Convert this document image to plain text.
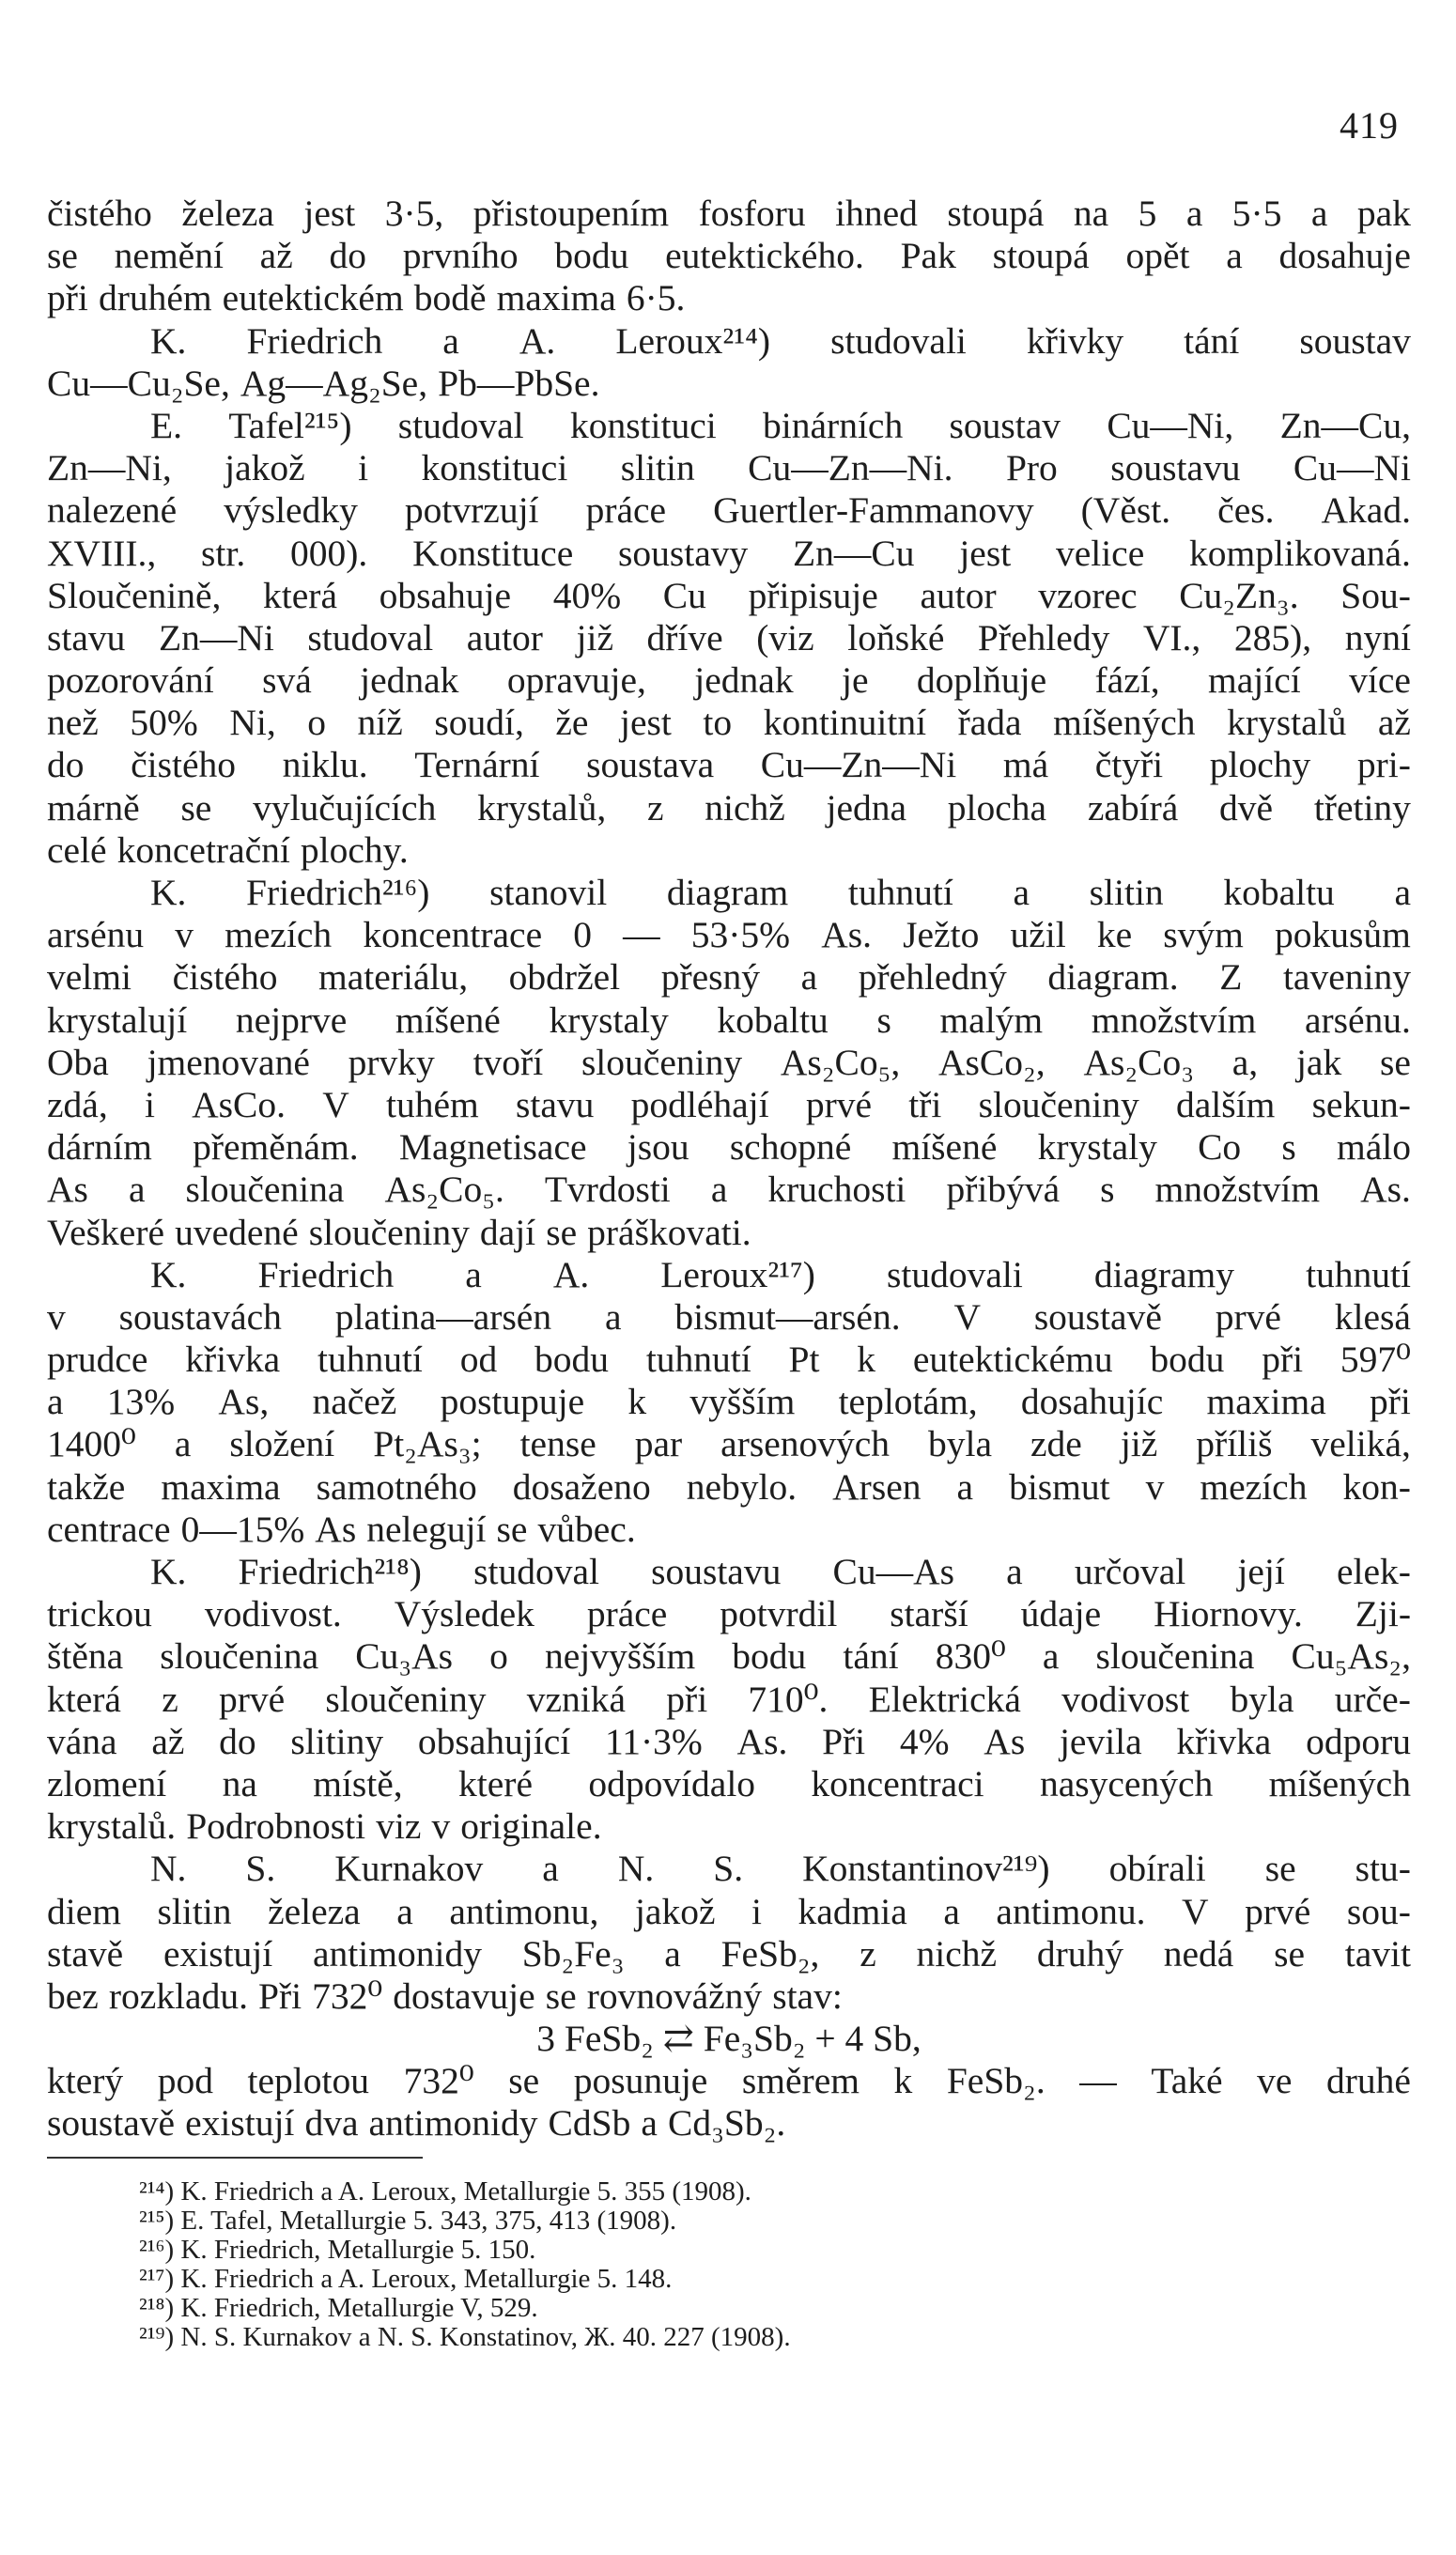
419
čistého železa jest 3·5, přistoupením fosforu ihned stoupá na 5 a 5·5 a pak
se nemění až do prvního bodu eutektického. Pak stoupá opět a dosahuje
při druhém eutektickém bodě maxima 6·5.
K. Friedrich a A. Leroux²¹⁴) studovali křivky tání soustav
Cu—Cu₂Se, Ag—Ag₂Se, Pb—PbSe.
E. Tafel²¹⁵) studoval konstituci binárních soustav Cu—Ni, Zn—Cu,
Zn—Ni, jakož i konstituci slitin Cu—Zn—Ni. Pro soustavu Cu—Ni
nalezené výsledky potvrzují práce Guertler-Fammanovy (Věst. čes. Akad.
XVIII., str. 000). Konstituce soustavy Zn—Cu jest velice komplikovaná.
Sloučenině, která obsahuje 40% Cu připisuje autor vzorec Cu₂Zn₃. Sou-
stavu Zn—Ni studoval autor již dříve (viz loňské Přehledy VI., 285), nyní
pozorování svá jednak opravuje, jednak je doplňuje fází, mající více
než 50% Ni, o níž soudí, že jest to kontinuitní řada míšených krystalů až
do čistého niklu. Ternární soustava Cu—Zn—Ni má čtyři plochy pri-
márně se vylučujících krystalů, z nichž jedna plocha zabírá dvě třetiny
celé koncetrační plochy.
K. Friedrich²¹⁶) stanovil diagram tuhnutí a slitin kobaltu a
arsénu v mezích koncentrace 0 — 53·5% As. Ježto užil ke svým pokusům
velmi čistého materiálu, obdržel přesný a přehledný diagram. Z taveniny
krystalují nejprve míšené krystaly kobaltu s malým množstvím arsénu.
Oba jmenované prvky tvoří sloučeniny As₂Co₅, AsCo₂, As₂Co₃ a, jak se
zdá, i AsCo. V tuhém stavu podléhají prvé tři sloučeniny dalším sekun-
dárním přeměnám. Magnetisace jsou schopné míšené krystaly Co s málo
As a sloučenina As₂Co₅. Tvrdosti a kruchosti přibývá s množstvím As.
Veškeré uvedené sloučeniny dají se práškovati.
K. Friedrich a A. Leroux²¹⁷) studovali diagramy tuhnutí
v soustavách platina—arsén a bismut—arsén. V soustavě prvé klesá
prudce křivka tuhnutí od bodu tuhnutí Pt k eutektickému bodu při 597⁰
a 13% As, načež postupuje k vyšším teplotám, dosahujíc maxima při
1400⁰ a složení Pt₂As₃; tense par arsenových byla zde již příliš veliká,
takže maxima samotného dosaženo nebylo. Arsen a bismut v mezích kon-
centrace 0—15% As nelegují se vůbec.
K. Friedrich²¹⁸) studoval soustavu Cu—As a určoval její elek-
trickou vodivost. Výsledek práce potvrdil starší údaje Hiornovy. Zji-
štěna sloučenina Cu₃As o nejvyšším bodu tání 830⁰ a sloučenina Cu₅As₂,
která z prvé sloučeniny vzniká při 710⁰. Elektrická vodivost byla urče-
vána až do slitiny obsahující 11·3% As. Při 4% As jevila křivka odporu
zlomení na místě, které odpovídalo koncentraci nasycených míšených
krystalů. Podrobnosti viz v originale.
N. S. Kurnakov a N. S. Konstantinov²¹⁹) obírali se stu-
diem slitin železa a antimonu, jakož i kadmia a antimonu. V prvé sou-
stavě existují antimonidy Sb₂Fe₃ a FeSb₂, z nichž druhý nedá se tavit
bez rozkladu. Při 732⁰ dostavuje se rovnovážný stav:
3 FeSb₂ ⇄ Fe₃Sb₂ + 4 Sb,
který pod teplotou 732⁰ se posunuje směrem k FeSb₂. — Také ve druhé
soustavě existují dva antimonidy CdSb a Cd₃Sb₂.
²¹⁴) K. Friedrich a A. Leroux, Metallurgie 5. 355 (1908).
²¹⁵) E. Tafel, Metallurgie 5. 343, 375, 413 (1908).
²¹⁶) K. Friedrich, Metallurgie 5. 150.
²¹⁷) K. Friedrich a A. Leroux, Metallurgie 5. 148.
²¹⁸) K. Friedrich, Metallurgie V, 529.
²¹⁹) N. S. Kurnakov a N. S. Konstatinov, Ж. 40. 227 (1908).
